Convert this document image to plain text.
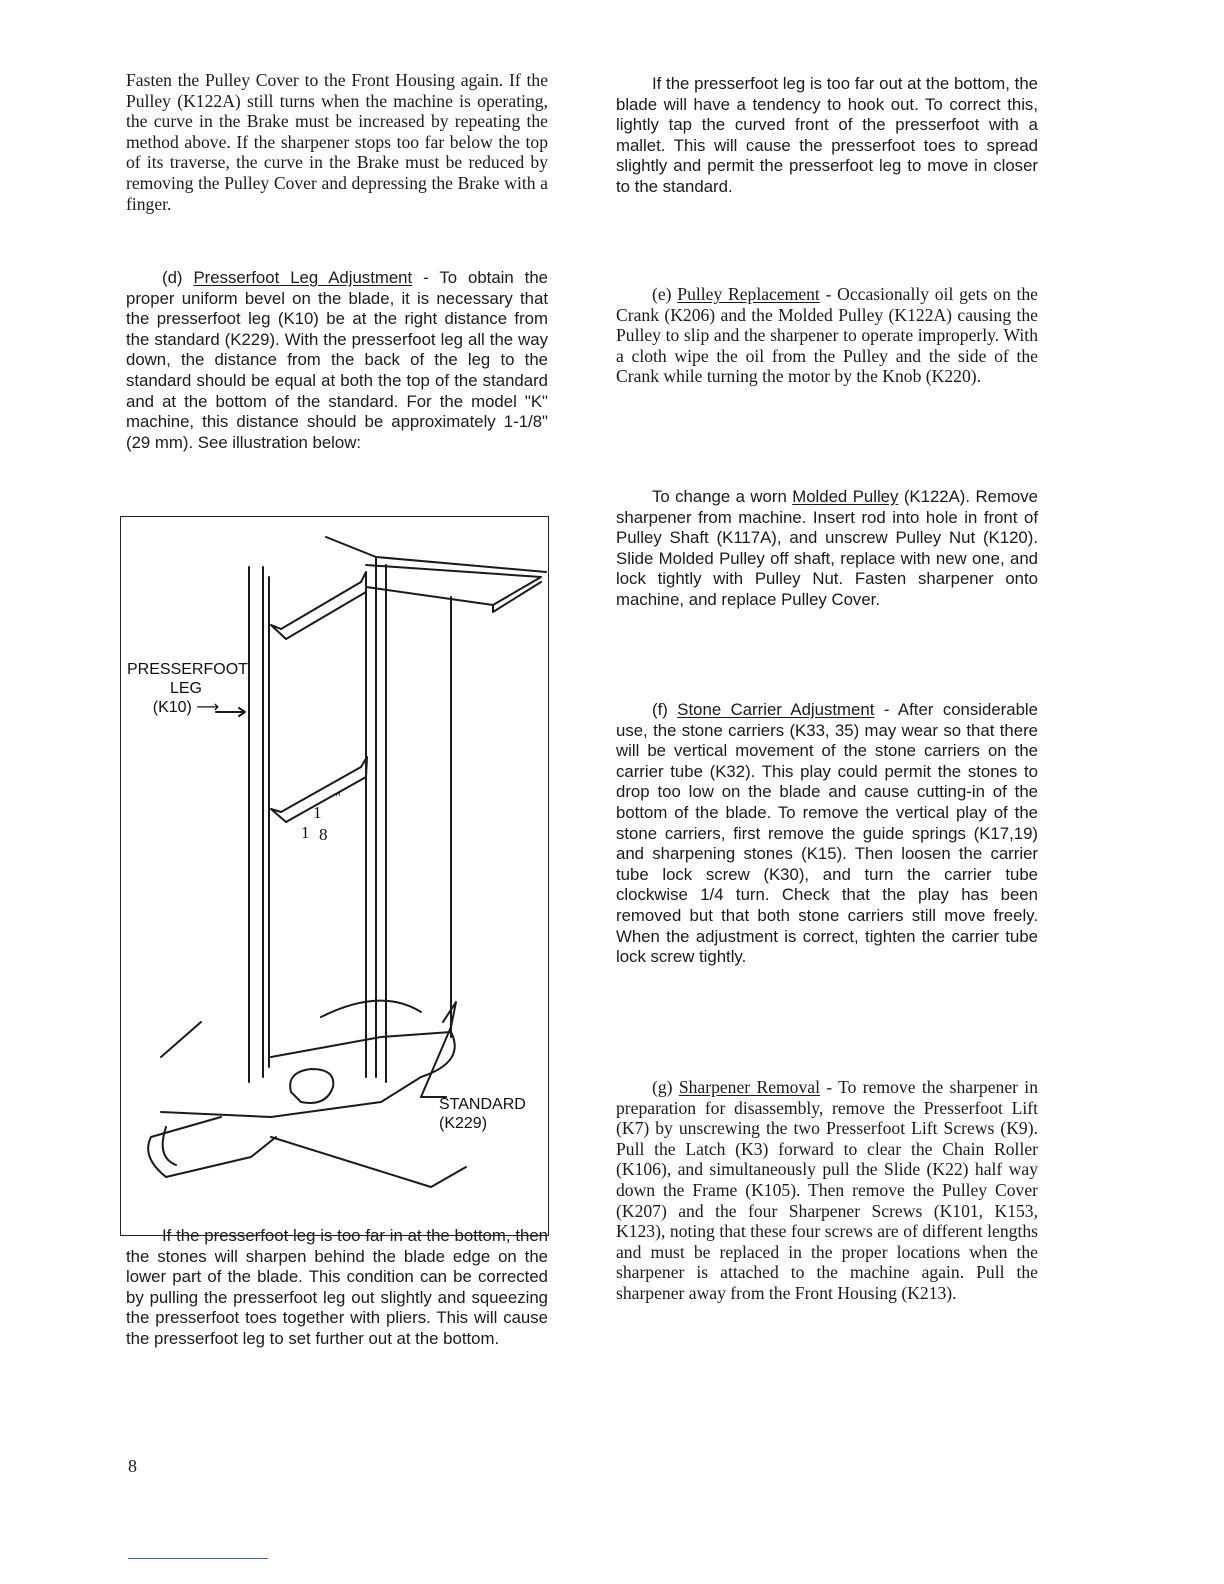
Fasten the Pulley Cover to the Front Housing again. If the Pulley (K122A) still turns when the machine is operating, the curve in the Brake must be increased by repeating the method above. If the sharpener stops too far below the top of its traverse, the curve in the Brake must be reduced by removing the Pulley Cover and depressing the Brake with a finger.

(d) Presserfoot Leg Adjustment - To obtain the proper uniform bevel on the blade, it is necessary that the presserfoot leg (K10) be at the right distance from the standard (K229). With the presserfoot leg all the way down, the distance from the back of the leg to the standard should be equal at both the top of the standard and at the bottom of the standard. For the model "K" machine, this distance should be approximately 1-1/8"(29 mm). See illustration below:

PRESSERFOOT
LEG
(K10) ⟶
STANDARD
(K229)
1
"
1 8

If the presserfoot leg is too far in at the bottom, then the stones will sharpen behind the blade edge on the lower part of the blade. This condition can be corrected by pulling the presserfoot leg out slightly and squeezing the presserfoot toes together with pliers. This will cause the presserfoot leg to set further out at the bottom.

If the presserfoot leg is too far out at the bottom, the blade will have a tendency to hook out. To correct this, lightly tap the curved front of the presserfoot with a mallet. This will cause the presserfoot toes to spread slightly and permit the presserfoot leg to move in closer to the standard.

(e) Pulley Replacement - Occasionally oil gets on the Crank (K206) and the Molded Pulley (K122A) causing the Pulley to slip and the sharpener to operate improperly. With a cloth wipe the oil from the Pulley and the side of the Crank while turning the motor by the Knob (K220).

To change a worn Molded Pulley (K122A). Remove sharpener from machine. Insert rod into hole in front of Pulley Shaft (K117A), and unscrew Pulley Nut (K120). Slide Molded Pulley off shaft, replace with new one, and lock tightly with Pulley Nut. Fasten sharpener onto machine, and replace Pulley Cover.

(f) Stone Carrier Adjustment - After considerable use, the stone carriers (K33, 35) may wear so that there will be vertical movement of the stone carriers on the carrier tube (K32). This play could permit the stones to drop too low on the blade and cause cutting-in of the bottom of the blade. To remove the vertical play of the stone carriers, first remove the guide springs (K17,19) and sharpening stones (K15). Then loosen the carrier tube lock screw (K30), and turn the carrier tube clockwise 1/4 turn. Check that the play has been removed but that both stone carriers still move freely. When the adjustment is correct, tighten the carrier tube lock screw tightly.

(g) Sharpener Removal - To remove the sharpener in preparation for disassembly, remove the Presserfoot Lift (K7) by unscrewing the two Presserfoot Lift Screws (K9). Pull the Latch (K3) forward to clear the Chain Roller (K106), and simultaneously pull the Slide (K22) half way down the Frame (K105). Then remove the Pulley Cover (K207) and the four Sharpener Screws (K101, K153, K123), noting that these four screws are of different lengths and must be replaced in the proper locations when the sharpener is attached to the machine again. Pull the sharpener away from the Front Housing (K213).

8
